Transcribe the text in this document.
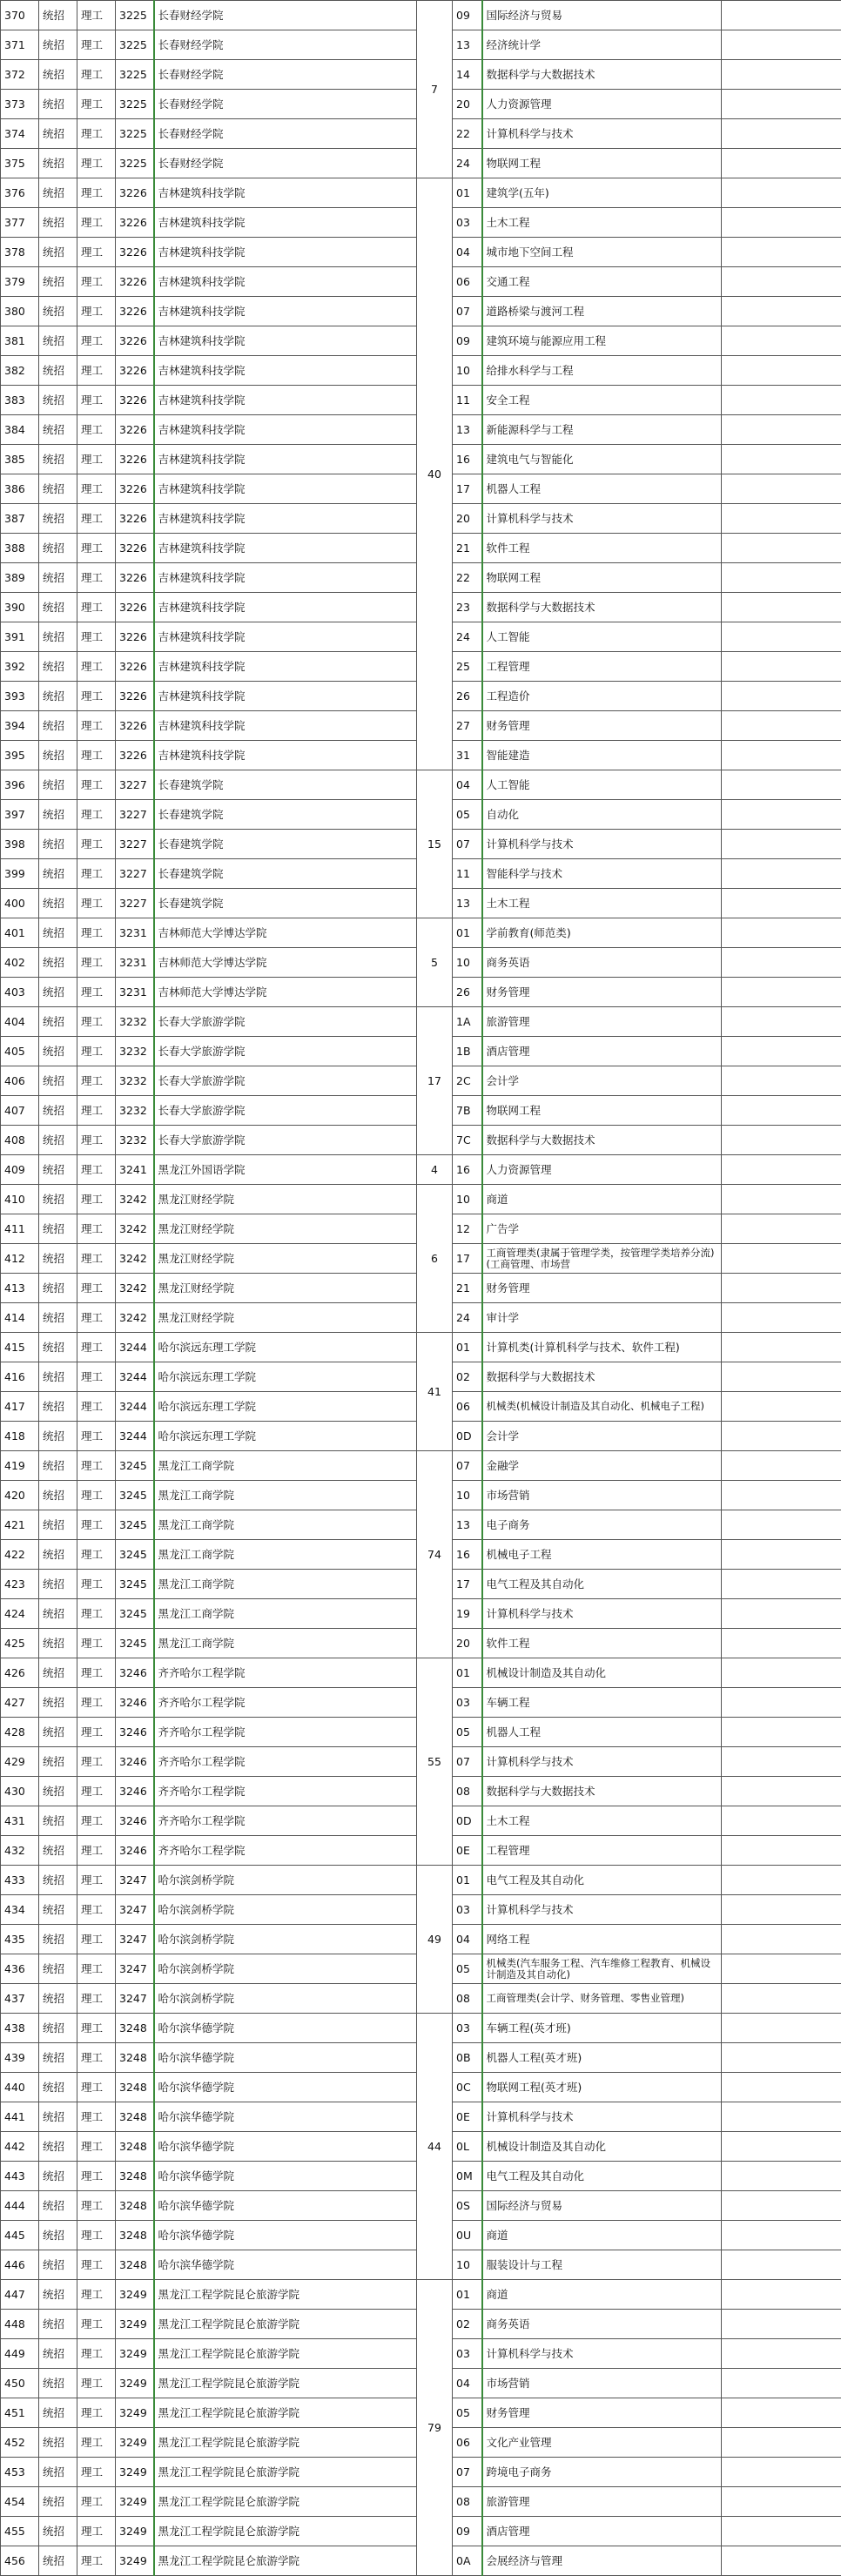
370	统招	理工	3225	长春财经学院	7	09	国际经济与贸易	
371	统招	理工	3225	长春财经学院		13	经济统计学	
372	统招	理工	3225	长春财经学院		14	数据科学与大数据技术	
373	统招	理工	3225	长春财经学院		20	人力资源管理	
374	统招	理工	3225	长春财经学院		22	计算机科学与技术	
375	统招	理工	3225	长春财经学院		24	物联网工程	
376	统招	理工	3226	吉林建筑科技学院	40	01	建筑学(五年)	
377	统招	理工	3226	吉林建筑科技学院		03	土木工程	
378	统招	理工	3226	吉林建筑科技学院		04	城市地下空间工程	
379	统招	理工	3226	吉林建筑科技学院		06	交通工程	
380	统招	理工	3226	吉林建筑科技学院		07	道路桥梁与渡河工程	
381	统招	理工	3226	吉林建筑科技学院		09	建筑环境与能源应用工程	
382	统招	理工	3226	吉林建筑科技学院		10	给排水科学与工程	
383	统招	理工	3226	吉林建筑科技学院		11	安全工程	
384	统招	理工	3226	吉林建筑科技学院		13	新能源科学与工程	
385	统招	理工	3226	吉林建筑科技学院		16	建筑电气与智能化	
386	统招	理工	3226	吉林建筑科技学院		17	机器人工程	
387	统招	理工	3226	吉林建筑科技学院		20	计算机科学与技术	
388	统招	理工	3226	吉林建筑科技学院		21	软件工程	
389	统招	理工	3226	吉林建筑科技学院		22	物联网工程	
390	统招	理工	3226	吉林建筑科技学院		23	数据科学与大数据技术	
391	统招	理工	3226	吉林建筑科技学院		24	人工智能	
392	统招	理工	3226	吉林建筑科技学院		25	工程管理	
393	统招	理工	3226	吉林建筑科技学院		26	工程造价	
394	统招	理工	3226	吉林建筑科技学院		27	财务管理	
395	统招	理工	3226	吉林建筑科技学院		31	智能建造	
396	统招	理工	3227	长春建筑学院	15	04	人工智能	
397	统招	理工	3227	长春建筑学院		05	自动化	
398	统招	理工	3227	长春建筑学院		07	计算机科学与技术	
399	统招	理工	3227	长春建筑学院		11	智能科学与技术	
400	统招	理工	3227	长春建筑学院		13	土木工程	
401	统招	理工	3231	吉林师范大学博达学院	5	01	学前教育(师范类)	
402	统招	理工	3231	吉林师范大学博达学院		10	商务英语	
403	统招	理工	3231	吉林师范大学博达学院		26	财务管理	
404	统招	理工	3232	长春大学旅游学院	17	1A	旅游管理	
405	统招	理工	3232	长春大学旅游学院		1B	酒店管理	
406	统招	理工	3232	长春大学旅游学院		2C	会计学	
407	统招	理工	3232	长春大学旅游学院		7B	物联网工程	
408	统招	理工	3232	长春大学旅游学院		7C	数据科学与大数据技术	
409	统招	理工	3241	黑龙江外国语学院	4	16	人力资源管理	
410	统招	理工	3242	黑龙江财经学院	6	10	商道	
411	统招	理工	3242	黑龙江财经学院		12	广告学	
412	统招	理工	3242	黑龙江财经学院		17	工商管理类(隶属于管理学类，按管理学类培养分流)(工商管理、市场营	
413	统招	理工	3242	黑龙江财经学院		21	财务管理	
414	统招	理工	3242	黑龙江财经学院		24	审计学	
415	统招	理工	3244	哈尔滨远东理工学院	41	01	计算机类(计算机科学与技术、软件工程)	
416	统招	理工	3244	哈尔滨远东理工学院		02	数据科学与大数据技术	
417	统招	理工	3244	哈尔滨远东理工学院		06	机械类(机械设计制造及其自动化、机械电子工程)	
418	统招	理工	3244	哈尔滨远东理工学院		0D	会计学	
419	统招	理工	3245	黑龙江工商学院	74	07	金融学	
420	统招	理工	3245	黑龙江工商学院		10	市场营销	
421	统招	理工	3245	黑龙江工商学院		13	电子商务	
422	统招	理工	3245	黑龙江工商学院		16	机械电子工程	
423	统招	理工	3245	黑龙江工商学院		17	电气工程及其自动化	
424	统招	理工	3245	黑龙江工商学院		19	计算机科学与技术	
425	统招	理工	3245	黑龙江工商学院		20	软件工程	
426	统招	理工	3246	齐齐哈尔工程学院	55	01	机械设计制造及其自动化	
427	统招	理工	3246	齐齐哈尔工程学院		03	车辆工程	
428	统招	理工	3246	齐齐哈尔工程学院		05	机器人工程	
429	统招	理工	3246	齐齐哈尔工程学院		07	计算机科学与技术	
430	统招	理工	3246	齐齐哈尔工程学院		08	数据科学与大数据技术	
431	统招	理工	3246	齐齐哈尔工程学院		0D	土木工程	
432	统招	理工	3246	齐齐哈尔工程学院		0E	工程管理	
433	统招	理工	3247	哈尔滨剑桥学院	49	01	电气工程及其自动化	
434	统招	理工	3247	哈尔滨剑桥学院		03	计算机科学与技术	
435	统招	理工	3247	哈尔滨剑桥学院		04	网络工程	
436	统招	理工	3247	哈尔滨剑桥学院		05	机械类(汽车服务工程、汽车维修工程教育、机械设计制造及其自动化)	
437	统招	理工	3247	哈尔滨剑桥学院		08	工商管理类(会计学、财务管理、零售业管理)	
438	统招	理工	3248	哈尔滨华德学院	44	03	车辆工程(英才班)	
439	统招	理工	3248	哈尔滨华德学院		0B	机器人工程(英才班)	
440	统招	理工	3248	哈尔滨华德学院		0C	物联网工程(英才班)	
441	统招	理工	3248	哈尔滨华德学院		0E	计算机科学与技术	
442	统招	理工	3248	哈尔滨华德学院		0L	机械设计制造及其自动化	
443	统招	理工	3248	哈尔滨华德学院		0M	电气工程及其自动化	
444	统招	理工	3248	哈尔滨华德学院		0S	国际经济与贸易	
445	统招	理工	3248	哈尔滨华德学院		0U	商道	
446	统招	理工	3248	哈尔滨华德学院		10	服装设计与工程	
447	统招	理工	3249	黑龙江工程学院昆仑旅游学院	79	01	商道	
448	统招	理工	3249	黑龙江工程学院昆仑旅游学院		02	商务英语	
449	统招	理工	3249	黑龙江工程学院昆仑旅游学院		03	计算机科学与技术	
450	统招	理工	3249	黑龙江工程学院昆仑旅游学院		04	市场营销	
451	统招	理工	3249	黑龙江工程学院昆仑旅游学院		05	财务管理	
452	统招	理工	3249	黑龙江工程学院昆仑旅游学院		06	文化产业管理	
453	统招	理工	3249	黑龙江工程学院昆仑旅游学院		07	跨境电子商务	
454	统招	理工	3249	黑龙江工程学院昆仑旅游学院		08	旅游管理	
455	统招	理工	3249	黑龙江工程学院昆仑旅游学院		09	酒店管理	
456	统招	理工	3249	黑龙江工程学院昆仑旅游学院		0A	会展经济与管理	
